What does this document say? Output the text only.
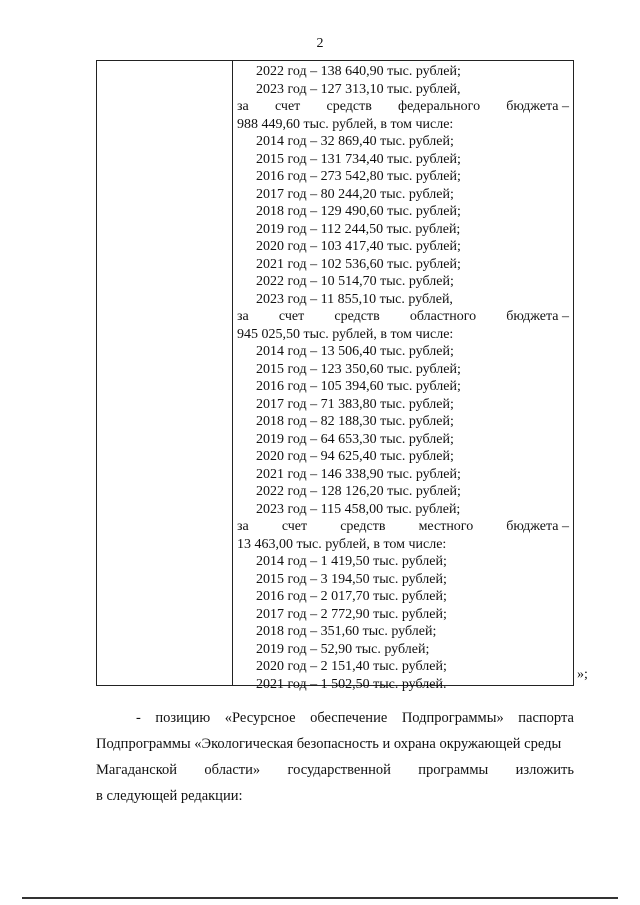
2
2022 год – 138 640,90 тыс. рублей;
2023 год – 127 313,10 тыс. рублей,
за счет средств федерального бюджета –
988 449,60 тыс. рублей, в том числе:
2014 год – 32 869,40 тыс. рублей;
2015 год – 131 734,40 тыс. рублей;
2016 год – 273 542,80 тыс. рублей;
2017 год – 80 244,20 тыс. рублей;
2018 год – 129 490,60 тыс. рублей;
2019 год – 112 244,50 тыс. рублей;
2020 год – 103 417,40 тыс. рублей;
2021 год – 102 536,60 тыс. рублей;
2022 год – 10 514,70 тыс. рублей;
2023 год – 11 855,10 тыс. рублей,
за счет средств областного бюджета –
945 025,50 тыс. рублей, в том числе:
2014 год – 13 506,40 тыс. рублей;
2015 год – 123 350,60 тыс. рублей;
2016 год – 105 394,60 тыс. рублей;
2017 год – 71 383,80 тыс. рублей;
2018 год – 82 188,30 тыс. рублей;
2019 год – 64 653,30 тыс. рублей;
2020 год – 94 625,40 тыс. рублей;
2021 год – 146 338,90 тыс. рублей;
2022 год – 128 126,20 тыс. рублей;
2023 год – 115 458,00 тыс. рублей;
за счет средств местного бюджета –
13 463,00 тыс. рублей, в том числе:
2014 год – 1 419,50 тыс. рублей;
2015 год – 3 194,50 тыс. рублей;
2016 год – 2 017,70 тыс. рублей;
2017 год – 2 772,90 тыс. рублей;
2018 год – 351,60 тыс. рублей;
2019 год – 52,90 тыс. рублей;
2020 год – 2 151,40 тыс. рублей;
2021 год – 1 502,50 тыс. рублей.
»;
- позицию «Ресурсное обеспечение Подпрограммы» паспорта
Подпрограммы «Экологическая безопасность и охрана окружающей среды
Магаданской области» государственной программы изложить
в следующей редакции:
